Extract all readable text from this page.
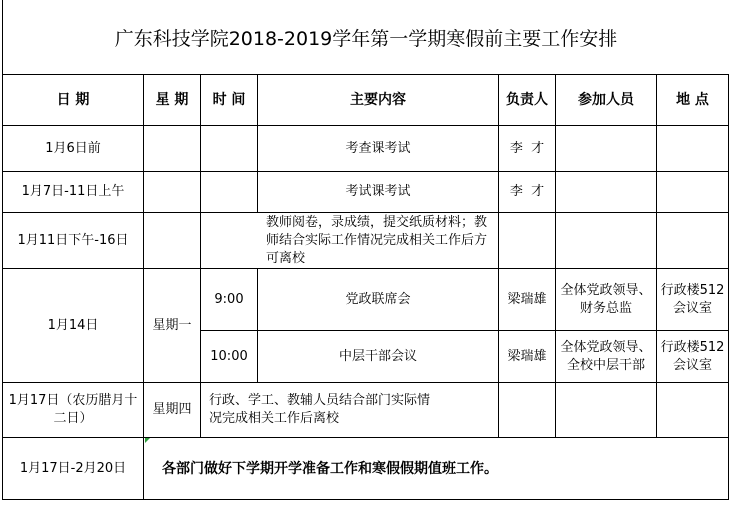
广东科技学院2018-2019学年第一学期寒假前主要工作安排
日 期	星 期	时 间	主要内容	负责人	参加人员	地 点
1月6日前			考查课考试	李  才		
1月7日-11日上午			考试课考试	李  才		
1月11日下午-16日		教师阅卷，录成绩，提交纸质材料；教师结合实际工作情况完成相关工作后方可离校				
1月14日	星期一	9:00	党政联席会	梁瑞雄	全体党政领导、财务总监	行政楼512会议室
		10:00	中层干部会议	梁瑞雄	全体党政领导、全校中层干部	行政楼512会议室
1月17日（农历腊月十二日）	星期四	行政、学工、教辅人员结合部门实际情况完成相关工作后离校				
1月17日-2月20日	各部门做好下学期开学准备工作和寒假假期值班工作。					
